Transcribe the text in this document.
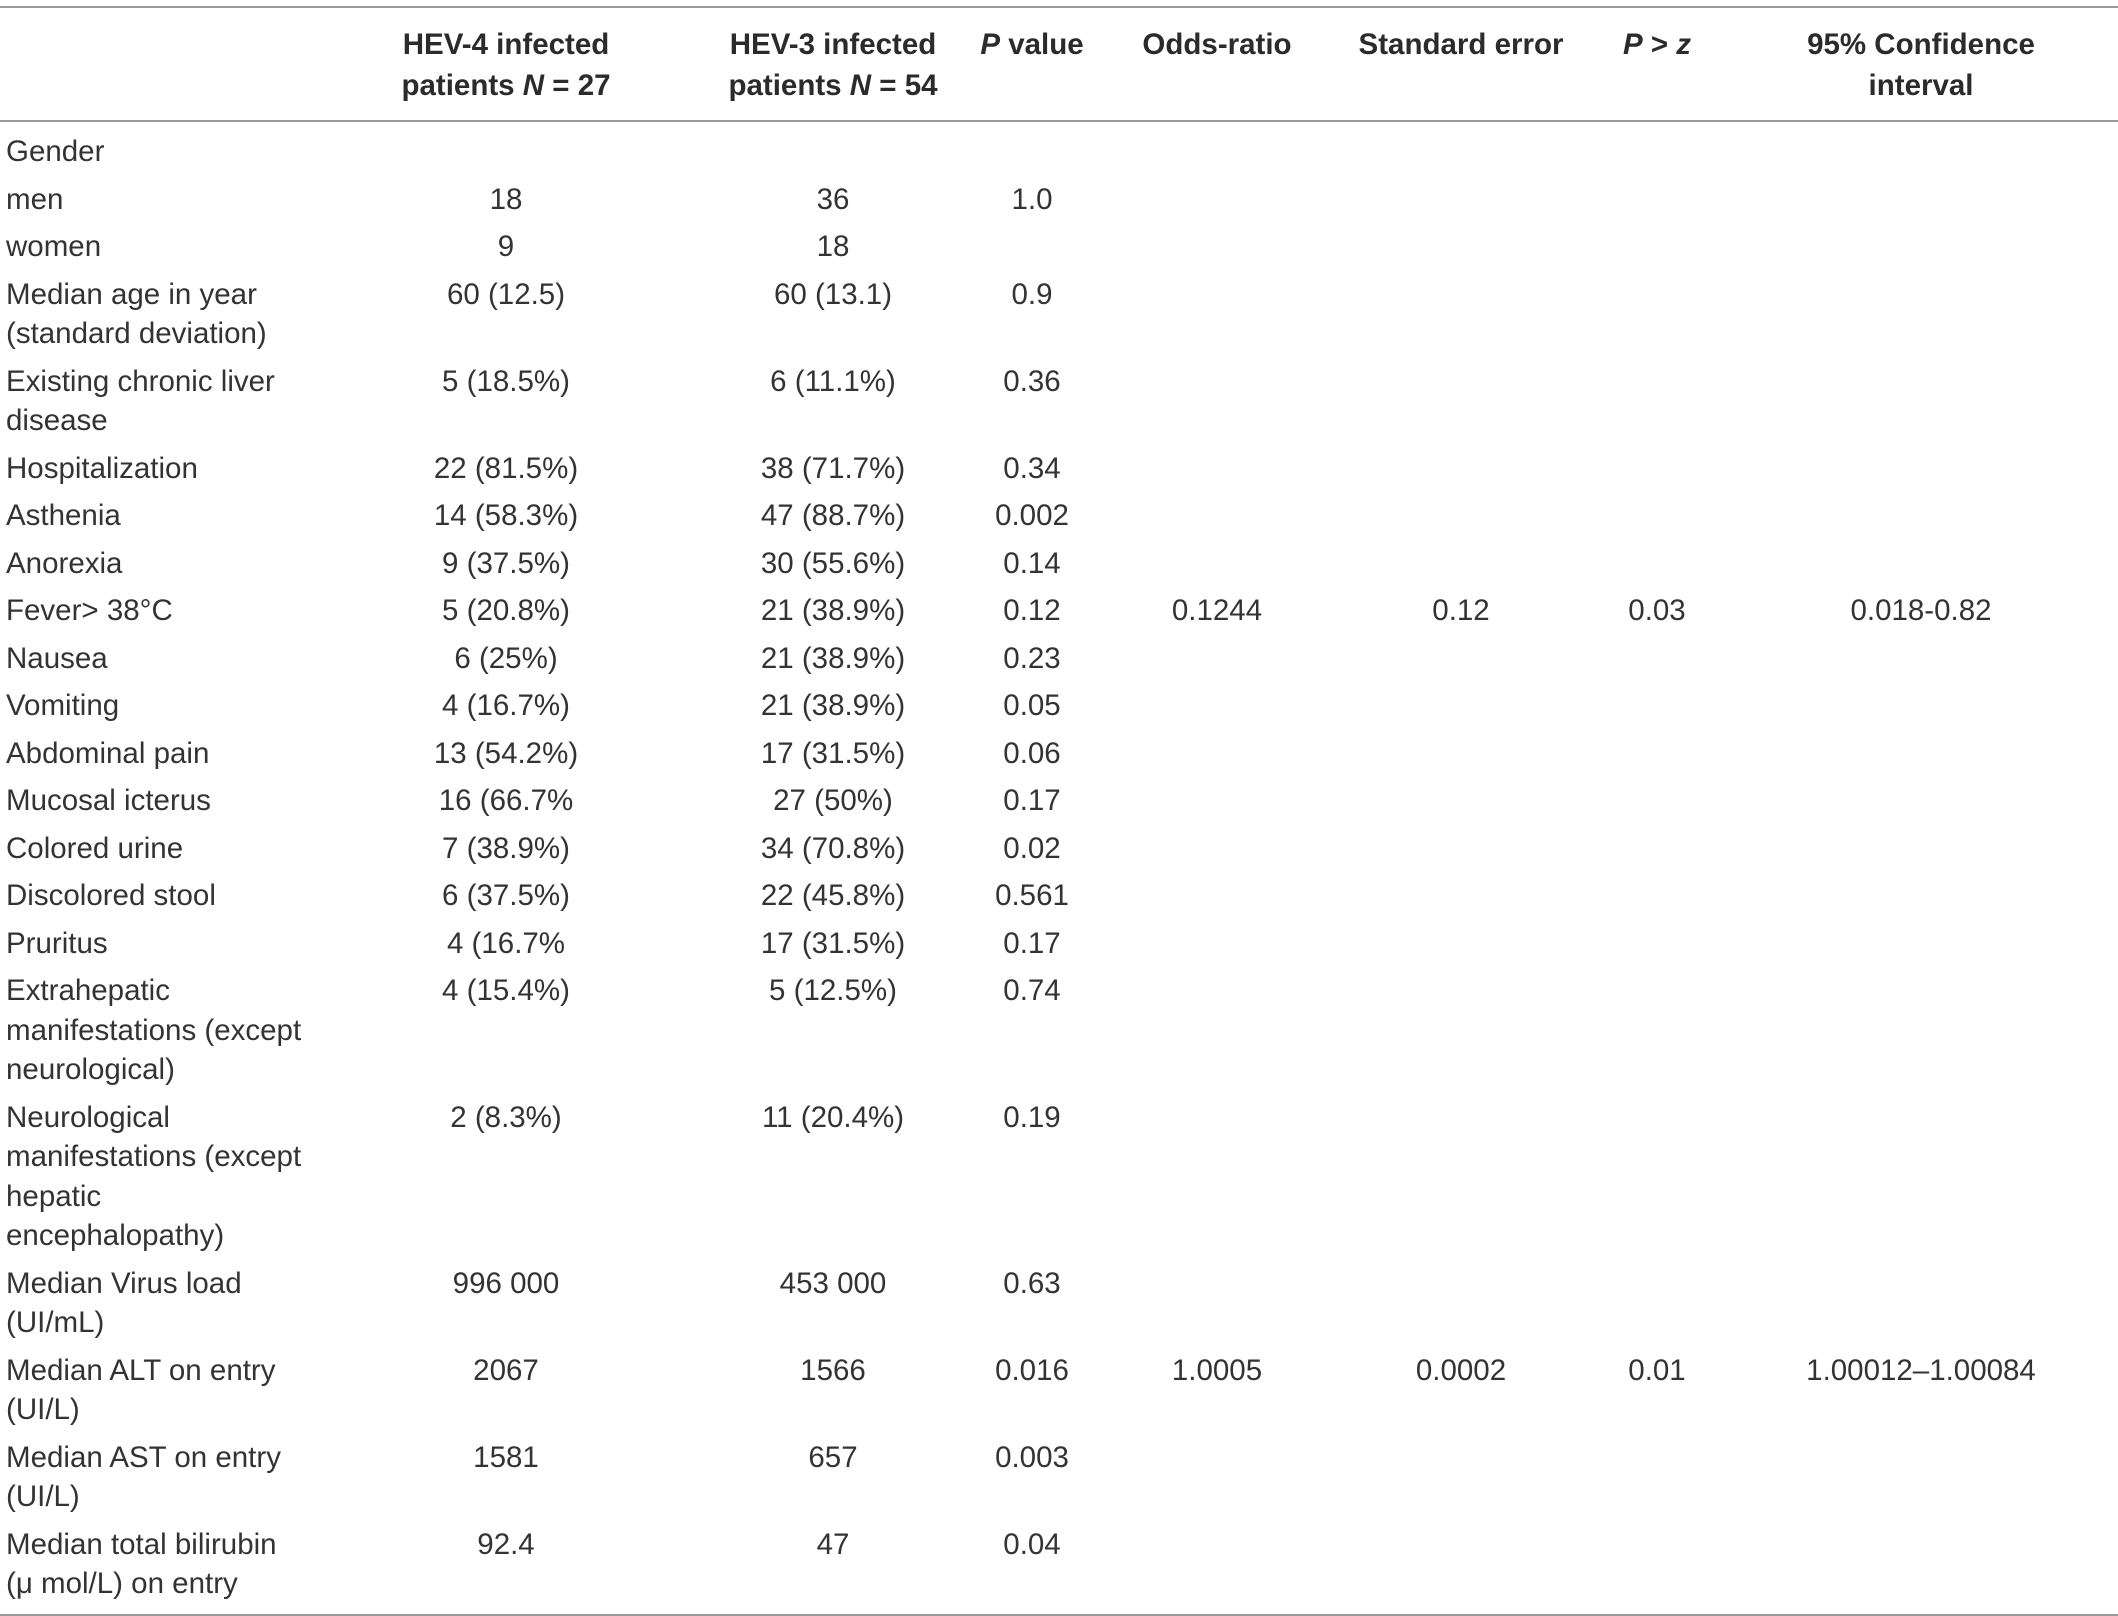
	HEV-4 infected
patients N = 27	HEV-3 infected
patients N = 54	P value	Odds-ratio	Standard error	P > z	95% Confidence
interval

Gender							
men	18	36	1.0				
women	9	18					
Median age in year (standard deviation)	60 (12.5)	60 (13.1)	0.9				
Existing chronic liver disease	5 (18.5%)	6 (11.1%)	0.36				
Hospitalization	22 (81.5%)	38 (71.7%)	0.34				
Asthenia	14 (58.3%)	47 (88.7%)	0.002				
Anorexia	9 (37.5%)	30 (55.6%)	0.14				
Fever> 38°C	5 (20.8%)	21 (38.9%)	0.12	0.1244	0.12	0.03	0.018-0.82
Nausea	6 (25%)	21 (38.9%)	0.23				
Vomiting	4 (16.7%)	21 (38.9%)	0.05				
Abdominal pain	13 (54.2%)	17 (31.5%)	0.06				
Mucosal icterus	16 (66.7%	27 (50%)	0.17				
Colored urine	7 (38.9%)	34 (70.8%)	0.02				
Discolored stool	6 (37.5%)	22 (45.8%)	0.561				
Pruritus	4 (16.7%	17 (31.5%)	0.17				
Extrahepatic manifestations (except neurological)	4 (15.4%)	5 (12.5%)	0.74				
Neurological manifestations (except hepatic encephalopathy)	2 (8.3%)	11 (20.4%)	0.19				
Median Virus load (UI/mL)	996 000	453 000	0.63				
Median ALT on entry (UI/L)	2067	1566	0.016	1.0005	0.0002	0.01	1.00012–1.00084
Median AST on entry (UI/L)	1581	657	0.003				
Median total bilirubin (μ mol/L) on entry	92.4	47	0.04				
